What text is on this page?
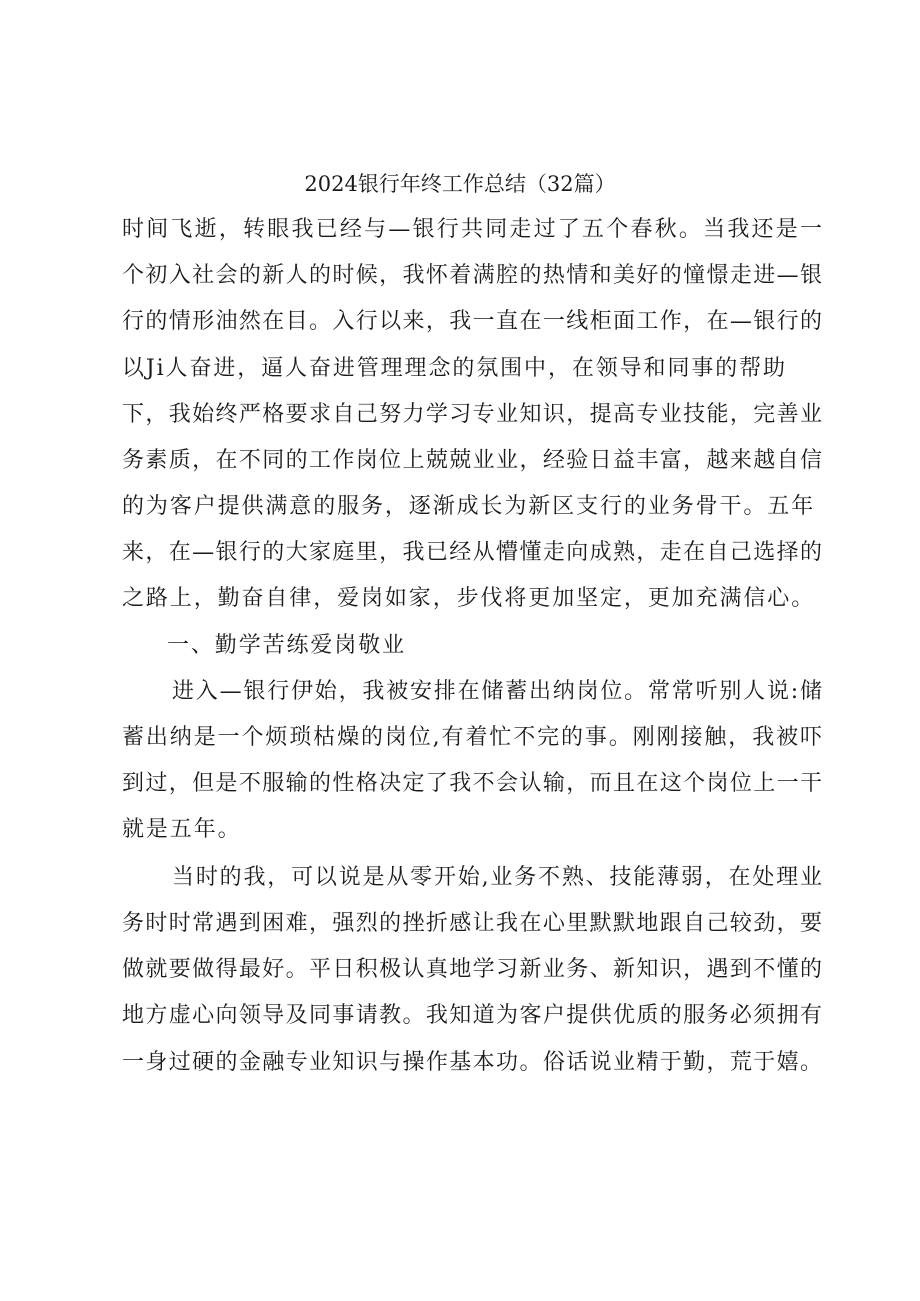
2024银行年终工作总结（32篇）
时间飞逝，转眼我已经与—银行共同走过了五个春秋。当我还是一
个初入社会的新人的时候，我怀着满腔的热情和美好的憧憬走进—银
行的情形油然在目。入行以来，我一直在一线柜面工作，在—银行的
以Ji人奋进，逼人奋进管理理念的氛围中，在领导和同事的帮助
下，我始终严格要求自己努力学习专业知识，提高专业技能，完善业
务素质，在不同的工作岗位上兢兢业业，经验日益丰富，越来越自信
的为客户提供满意的服务，逐渐成长为新区支行的业务骨干。五年
来，在—银行的大家庭里，我已经从懵懂走向成熟，走在自己选择的
之路上，勤奋自律，爱岗如家，步伐将更加坚定，更加充满信心。
一、勤学苦练爱岗敬业
进入—银行伊始，我被安排在储蓄出纳岗位。常常听别人说:储
蓄出纳是一个烦琐枯燥的岗位,有着忙不完的事。刚刚接触，我被吓
到过，但是不服输的性格决定了我不会认输，而且在这个岗位上一干
就是五年。
当时的我，可以说是从零开始,业务不熟、技能薄弱，在处理业
务时时常遇到困难，强烈的挫折感让我在心里默默地跟自己较劲，要
做就要做得最好。平日积极认真地学习新业务、新知识，遇到不懂的
地方虚心向领导及同事请教。我知道为客户提供优质的服务必须拥有
一身过硬的金融专业知识与操作基本功。俗话说业精于勤，荒于嬉。
